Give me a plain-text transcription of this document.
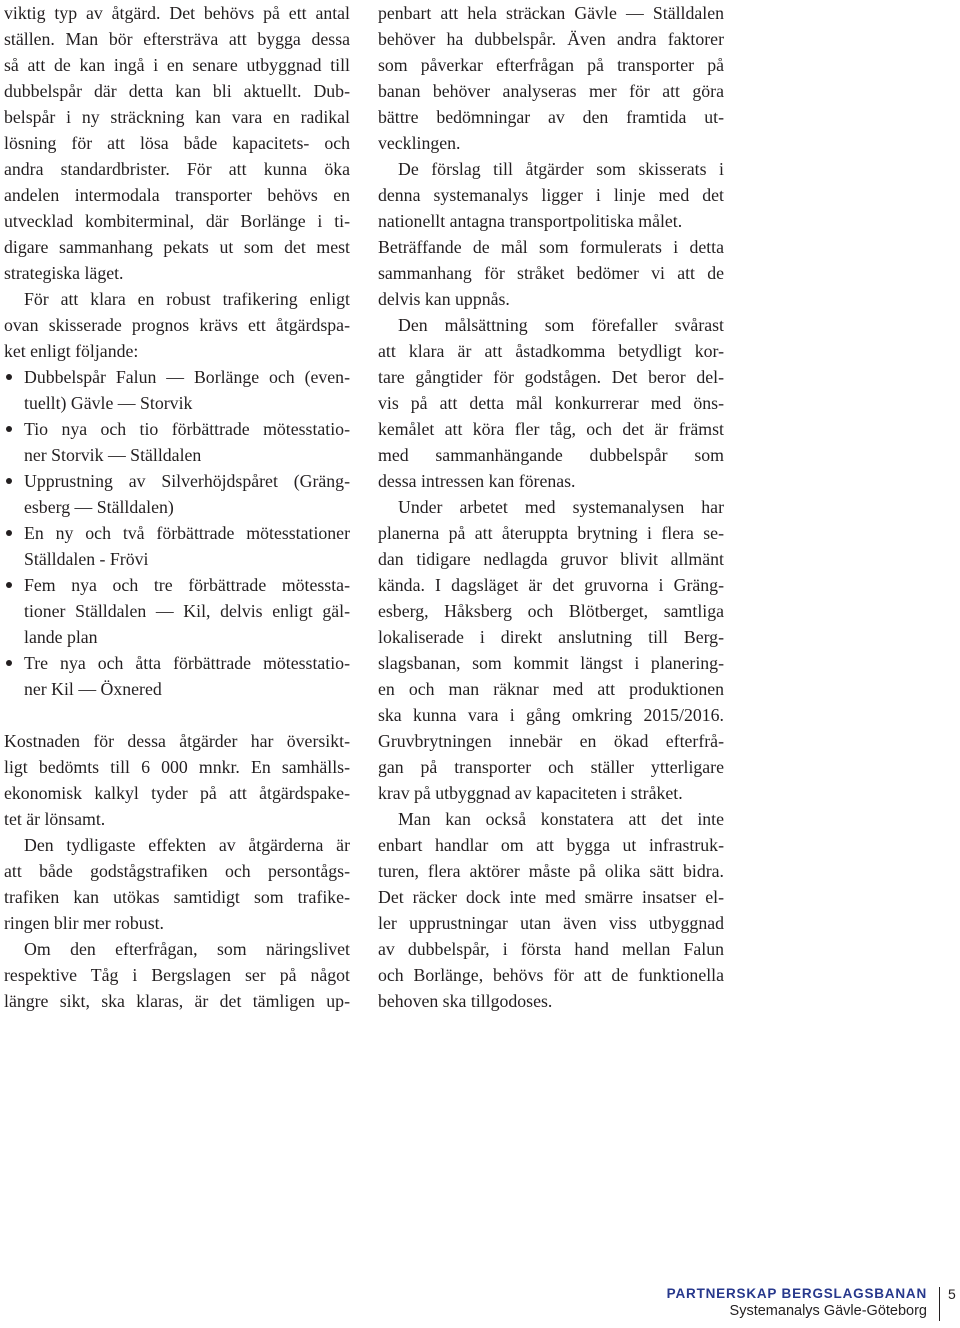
viktig typ av åtgärd. Det behövs på ett antal
ställen. Man bör eftersträva att bygga dessa
så att de kan ingå i en senare utbyggnad till
dubbelspår där detta kan bli aktuellt. Dub-
belspår i ny sträckning kan vara en radikal
lösning för att lösa både kapacitets- och
andra standardbrister. För att kunna öka
andelen intermodala transporter behövs en
utvecklad kombiterminal, där Borlänge i ti-
digare sammanhang pekats ut som det mest
strategiska läget.
För att klara en robust trafikering enligt
ovan skisserade prognos krävs ett åtgärdspa-
ket enligt följande:
Dubbelspår Falun — Borlänge och (even-
tuellt) Gävle — Storvik
Tio nya och tio förbättrade mötesstatio-
ner Storvik — Ställdalen
Upprustning av Silverhöjdspåret (Gräng-
esberg — Ställdalen)
En ny och två förbättrade mötesstationer
Ställdalen - Frövi
Fem nya och tre förbättrade mötessta-
tioner Ställdalen — Kil, delvis enligt gäl-
lande plan
Tre nya och åtta förbättrade mötesstatio-
ner Kil — Öxnered
Kostnaden för dessa åtgärder har översikt-
ligt bedömts till 6 000 mnkr. En samhälls-
ekonomisk kalkyl tyder på att åtgärdspake-
tet är lönsamt.
Den tydligaste effekten av åtgärderna är
att både godstågstrafiken och persontågs-
trafiken kan utökas samtidigt som trafike-
ringen blir mer robust.
Om den efterfrågan, som näringslivet
respektive Tåg i Bergslagen ser på något
längre sikt, ska klaras, är det tämligen up-
penbart att hela sträckan Gävle — Ställdalen
behöver ha dubbelspår. Även andra faktorer
som påverkar efterfrågan på transporter på
banan behöver analyseras mer för att göra
bättre bedömningar av den framtida ut-
vecklingen.
De förslag till åtgärder som skisserats i
denna systemanalys ligger i linje med det
nationellt antagna transportpolitiska målet.
Beträffande de mål som formulerats i detta
sammanhang för stråket bedömer vi att de
delvis kan uppnås.
Den målsättning som förefaller svårast
att klara är att åstadkomma betydligt kor-
tare gångtider för godstågen. Det beror del-
vis på att detta mål konkurrerar med öns-
kemålet att köra fler tåg, och det är främst
med sammanhängande dubbelspår som
dessa intressen kan förenas.
Under arbetet med systemanalysen har
planerna på att återuppta brytning i flera se-
dan tidigare nedlagda gruvor blivit allmänt
kända. I dagsläget är det gruvorna i Gräng-
esberg, Håksberg och Blötberget, samtliga
lokaliserade i direkt anslutning till Berg-
slagsbanan, som kommit längst i planering-
en och man räknar med att produktionen
ska kunna vara i gång omkring 2015/2016.
Gruvbrytningen innebär en ökad efterfrå-
gan på transporter och ställer ytterligare
krav på utbyggnad av kapaciteten i stråket.
Man kan också konstatera att det inte
enbart handlar om att bygga ut infrastruk-
turen, flera aktörer måste på olika sätt bidra.
Det räcker dock inte med smärre insatser el-
ler upprustningar utan även viss utbyggnad
av dubbelspår, i första hand mellan Falun
och Borlänge, behövs för att de funktionella
behoven ska tillgodoses.
PARTNERSKAP BERGSLAGSBANAN
Systemanalys Gävle-Göteborg
5
